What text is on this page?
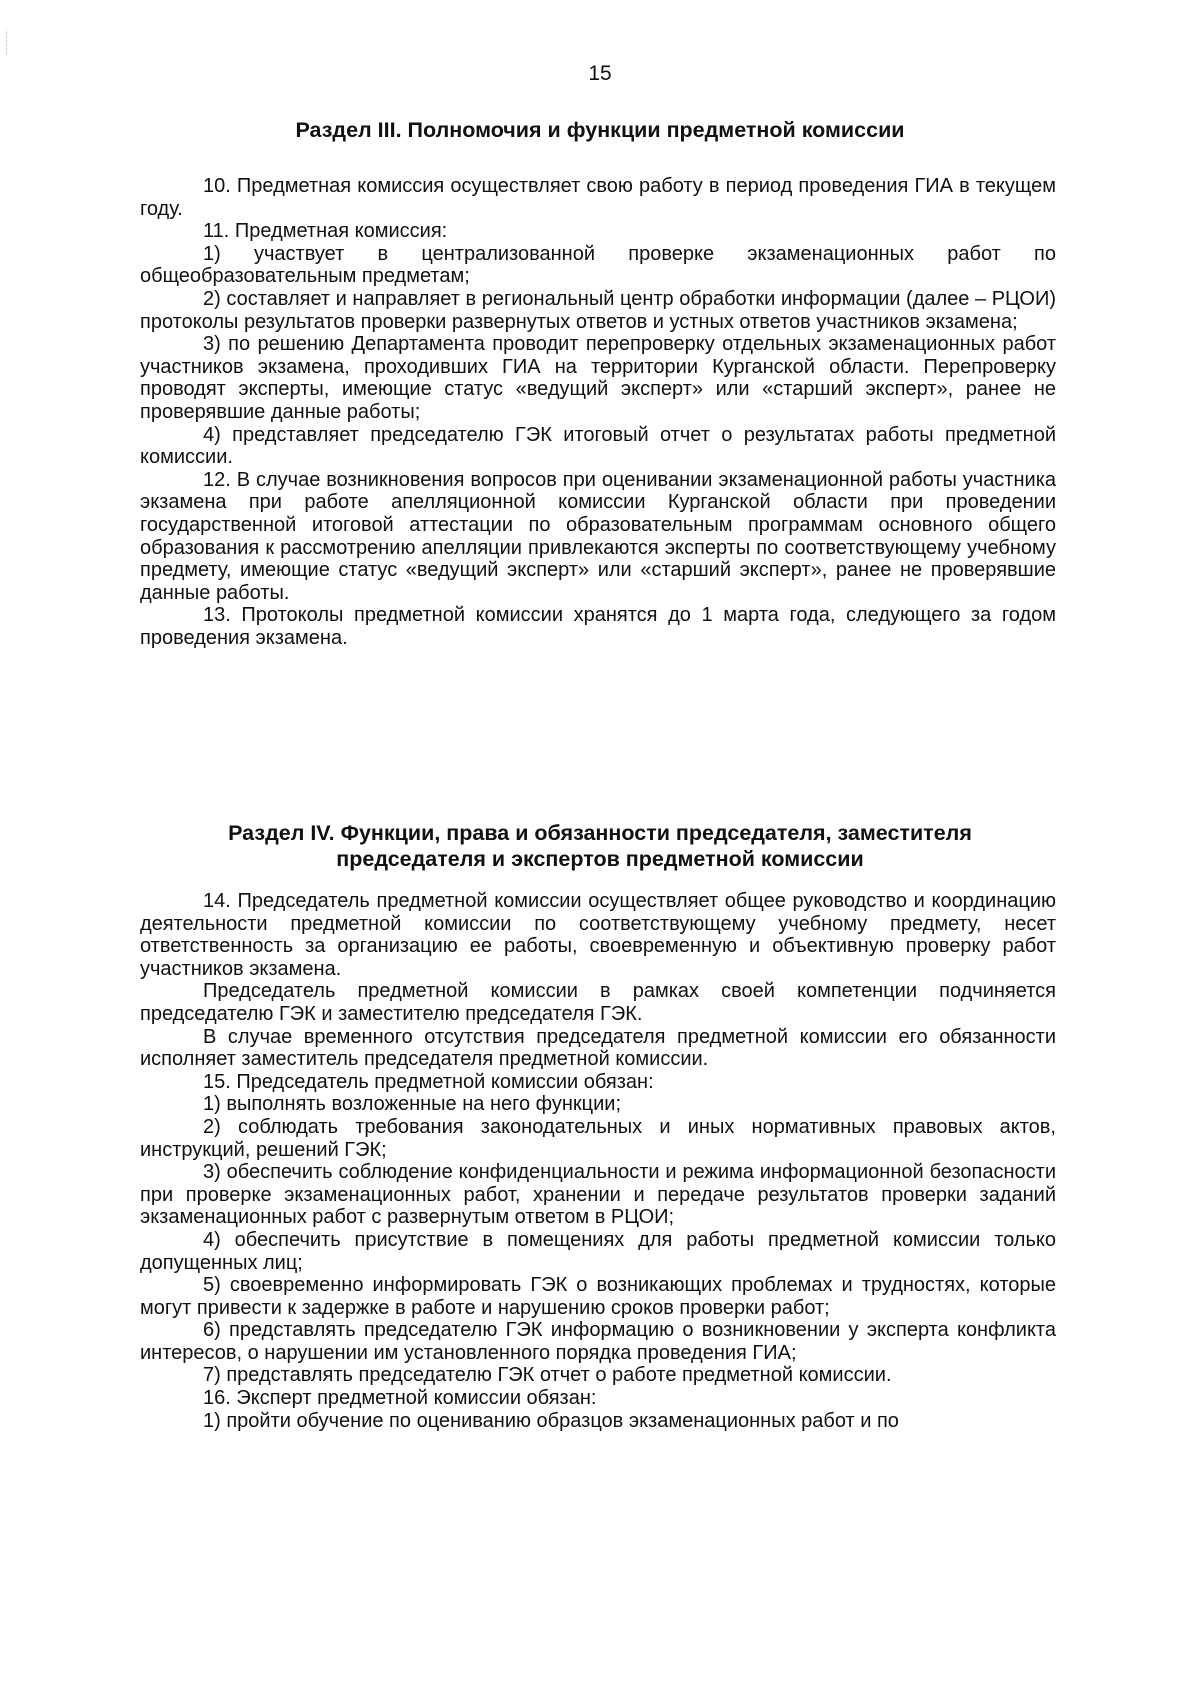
15
Раздел III. Полномочия и функции предметной комиссии

10. Предметная комиссия осуществляет свою работу в период проведения ГИА в текущем году.

11. Предметная комиссия:

1) участвует в централизованной проверке экзаменационных работ по общеобразовательным предметам;

2) составляет и направляет в региональный центр обработки информации (далее – РЦОИ) протоколы результатов проверки развернутых ответов и устных ответов участников экзамена;

3) по решению Департамента проводит перепроверку отдельных экзаменационных работ участников экзамена, проходивших ГИА на территории Курганской области. Перепроверку проводят эксперты, имеющие статус «ведущий эксперт» или «старший эксперт», ранее не проверявшие данные работы;

4) представляет председателю ГЭК итоговый отчет о результатах работы предметной комиссии.

12. В случае возникновения вопросов при оценивании экзаменационной работы участника экзамена при работе апелляционной комиссии Курганской области при проведении государственной итоговой аттестации по образовательным программам основного общего образования к рассмотрению апелляции привлекаются эксперты по соответствующему учебному предмету, имеющие статус «ведущий эксперт» или «старший эксперт», ранее не проверявшие данные работы.

13. Протоколы предметной комиссии хранятся до 1 марта года, следующего за годом проведения экзамена.

Раздел IV. Функции, права и обязанности председателя, заместителя
председателя и экспертов предметной комиссии

14. Председатель предметной комиссии осуществляет общее руководство и координацию деятельности предметной комиссии по соответствующему учебному предмету, несет ответственность за организацию ее работы, своевременную и объективную проверку работ участников экзамена.

Председатель предметной комиссии в рамках своей компетенции подчиняется председателю ГЭК и заместителю председателя ГЭК.

В случае временного отсутствия председателя предметной комиссии его обязанности исполняет заместитель председателя предметной комиссии.

15. Председатель предметной комиссии обязан:

1) выполнять возложенные на него функции;

2) соблюдать требования законодательных и иных нормативных правовых актов, инструкций, решений ГЭК;

3) обеспечить соблюдение конфиденциальности и режима информационной безопасности при проверке экзаменационных работ, хранении и передаче результатов проверки заданий экзаменационных работ с развернутым ответом в РЦОИ;

4) обеспечить присутствие в помещениях для работы предметной комиссии только допущенных лиц;

5) своевременно информировать ГЭК о возникающих проблемах и трудностях, которые могут привести к задержке в работе и нарушению сроков проверки работ;

6) представлять председателю ГЭК информацию о возникновении у эксперта конфликта интересов, о нарушении им установленного порядка проведения ГИА;

7) представлять председателю ГЭК отчет о работе предметной комиссии.

16. Эксперт предметной комиссии обязан:

1) пройти обучение по оцениванию образцов экзаменационных работ и по
